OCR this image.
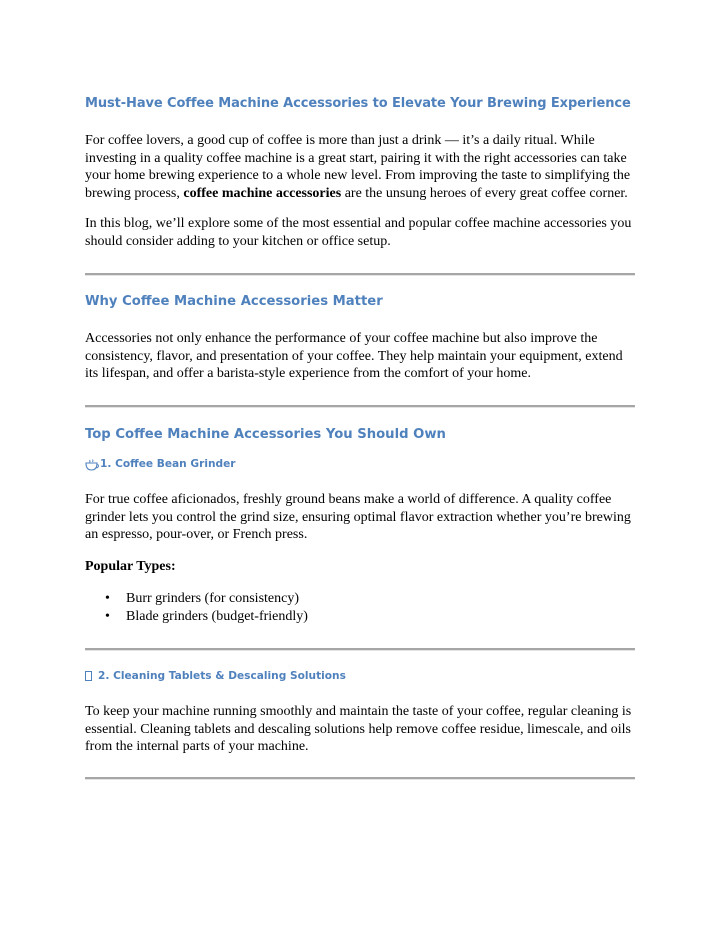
Must-Have Coffee Machine Accessories to Elevate Your Brewing Experience
For coffee lovers, a good cup of coffee is more than just a drink — it’s a daily ritual. While investing in a quality coffee machine is a great start, pairing it with the right accessories can take your home brewing experience to a whole new level. From improving the taste to simplifying the brewing process, coffee machine accessories are the unsung heroes of every great coffee corner.
In this blog, we’ll explore some of the most essential and popular coffee machine accessories you should consider adding to your kitchen or office setup.
Why Coffee Machine Accessories Matter
Accessories not only enhance the performance of your coffee machine but also improve the consistency, flavor, and presentation of your coffee. They help maintain your equipment, extend its lifespan, and offer a barista-style experience from the comfort of your home.
Top Coffee Machine Accessories You Should Own
1. Coffee Bean Grinder
For true coffee aficionados, freshly ground beans make a world of difference. A quality coffee grinder lets you control the grind size, ensuring optimal flavor extraction whether you’re brewing an espresso, pour-over, or French press.
Popular Types:
• Burr grinders (for consistency)
• Blade grinders (budget-friendly)
2. Cleaning Tablets & Descaling Solutions
To keep your machine running smoothly and maintain the taste of your coffee, regular cleaning is essential. Cleaning tablets and descaling solutions help remove coffee residue, limescale, and oils from the internal parts of your machine.
